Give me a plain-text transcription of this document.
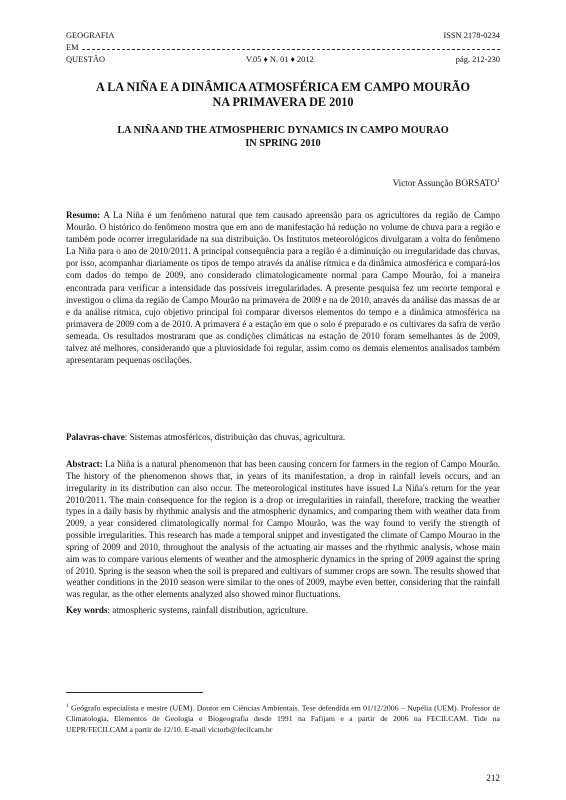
GEOGRAFIA	ISSN 2178-0234
EM
QUESTÃO	V.05 ♦ N. 01 ♦ 2012	pág. 212-230
A LA NIÑA E A DINÂMICA ATMOSFÉRICA EM CAMPO MOURÃO
NA PRIMAVERA DE 2010
LA NIÑA AND THE ATMOSPHERIC DYNAMICS IN CAMPO MOURAO
IN SPRING 2010
Victor Assunção BORSATO$^1$
Resumo: A La Niña é um fenômeno natural que tem causado apreensão para os agricultores da região de Campo Mourão. O histórico do fenômeno mostra que em ano de manifestação há redução no volume de chuva para a região e também pode ocorrer irregularidade na sua distribuição. Os Institutos meteorológicos divulgaram a volta do fenômeno La Niña para o ano de 2010/2011. A principal consequência para a região é a diminuição ou irregularidade das chuvas, por isso, acompanhar diariamente os tipos de tempo através da análise rítmica e da dinâmica atmosférica e compará-los com dados do tempo de 2009, ano considerado climatologicamente normal para Campo Mourão, foi a maneira encontrada para verificar a intensidade das possíveis irregularidades. A presente pesquisa fez um recorte temporal e investigou o clima da região de Campo Mourão na primavera de 2009 e na de 2010, através da análise das massas de ar e da análise rítmica, cujo objetivo principal foi comparar diversos elementos do tempo e a dinâmica atmosférica na primavera de 2009 com a de 2010. A primavera é a estação em que o solo é preparado e os cultivares da safra de verão semeada. Os resultados mostraram que as condições climáticas na estação de 2010 foram semelhantes às de 2009, talvez até melhores, considerando que a pluviosidade foi regular, assim como os demais elementos analisados também apresentaram pequenas oscilações.
Palavras-chave: Sistemas atmosféricos, distribuição das chuvas, agricultura.
Abstract: La Niña is a natural phenomenon that has been causing concern for farmers in the region of Campo Mourão. The history of the phenomenon shows that, in years of its manifestation, a drop in rainfall levels occurs, and an irregularity in its distribution can also occur. The meteorological institutes have issued La Niña's return for the year 2010/2011. The main consequence for the region is a drop or irregularities in rainfall, therefore, tracking the weather types in a daily basis by rhythmic analysis and the atmospheric dynamics, and comparing them with weather data from 2009, a year considered climatologically normal for Campo Mourão, was the way found to verify the strength of possible irregularities. This research has made a temporal snippet and investigated the climate of Campo Mourao in the spring of 2009 and 2010, throughout the analysis of the actuating air masses and the rhythmic analysis, whose main aim was to compare various elements of weather and the atmospheric dynamics in the spring of 2009 against the spring of 2010. Spring is the season when the soil is prepared and cultivars of summer crops are sown. The results showed that weather conditions in the 2010 season were similar to the ones of 2009, maybe even better, considering that the rainfall was regular, as the other elements analyzed also showed minor fluctuations.
Key words: atmospheric systems, rainfall distribution, agriculture.
$^1$ Geógrafo especialista e mestre (UEM). Doutor em Ciências Ambientais. Tese defendida em 01/12/2006 – Nupélia (UEM). Professor de Climatologia, Elementos de Geologia e Biogeografia desde 1991 na Fafijam e a partir de 2006 na FECILCAM. Tide na UEPR/FECILCAM a partir de 12/10. E-mail victorb@fecilcam.br
212
